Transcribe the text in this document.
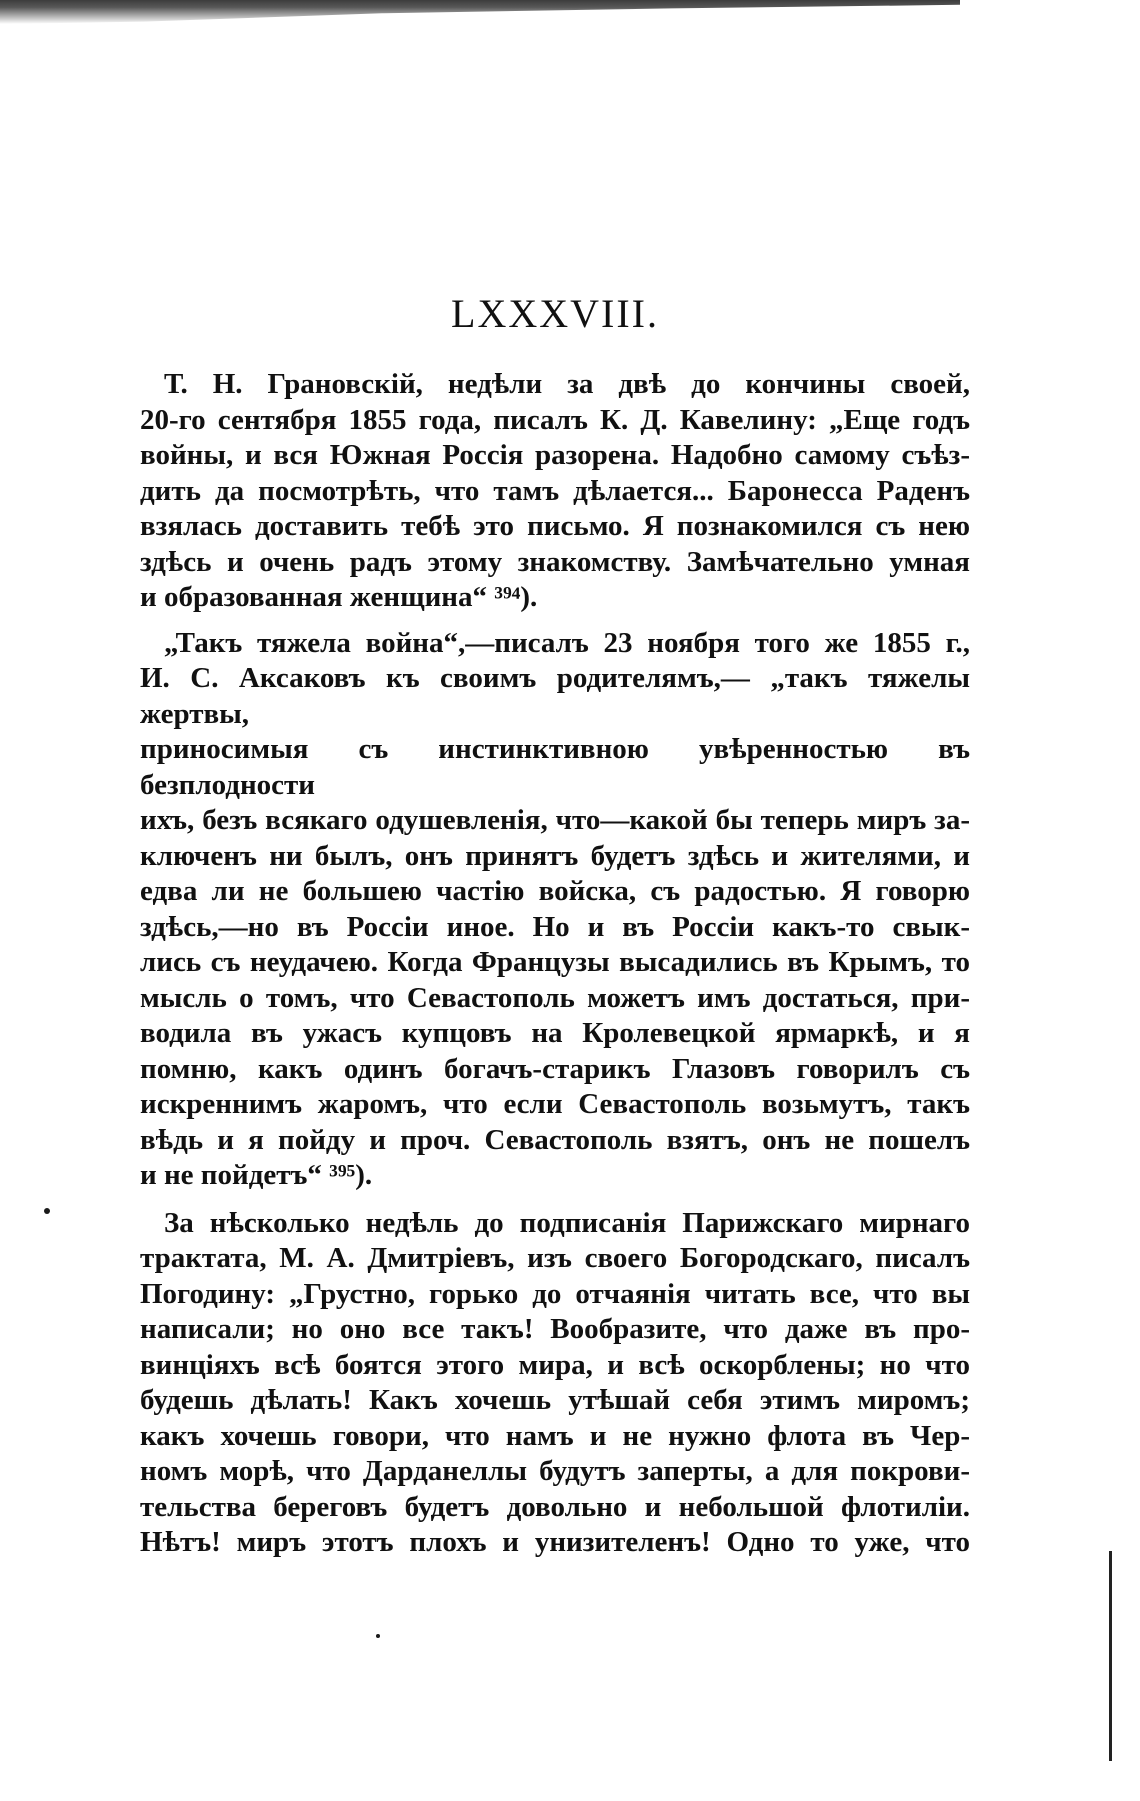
LXXXVIII.
Т. Н. Грановскій, недѣли за двѣ до кончины своей,
20-го сентября 1855 года, писалъ К. Д. Кавелину: „Еще годъ
войны, и вся Южная Россія разорена. Надобно самому съѣз-
дить да посмотрѣть, что тамъ дѣлается... Баронесса Раденъ
взялась доставить тебѣ это письмо. Я познакомился съ нею
здѣсь и очень радъ этому знакомству. Замѣчательно умная
и образованная женщина“ ³⁹⁴).
„Такъ тяжела война“,—писалъ 23 ноября того же 1855 г.,
И. С. Аксаковъ къ своимъ родителямъ,— „такъ тяжелы жертвы,
приносимыя съ инстинктивною увѣренностью въ безплодности
ихъ, безъ всякаго одушевленія, что—какой бы теперь миръ за-
ключенъ ни былъ, онъ принятъ будетъ здѣсь и жителями, и
едва ли не большею частію войска, съ радостью. Я говорю
здѣсь,—но въ Россіи иное. Но и въ Россіи какъ-то свык-
лись съ неудачею. Когда Французы высадились въ Крымъ, то
мысль о томъ, что Севастополь можетъ имъ достаться, при-
водила въ ужасъ купцовъ на Кролевецкой ярмаркѣ, и я
помню, какъ одинъ богачъ-старикъ Глазовъ говорилъ съ
искреннимъ жаромъ, что если Севастополь возьмутъ, такъ
вѣдь и я пойду и проч. Севастополь взятъ, онъ не пошелъ
и не пойдетъ“ ³⁹⁵).
За нѣсколько недѣль до подписанія Парижскаго мирнаго
трактата, М. А. Дмитріевъ, изъ своего Богородскаго, писалъ
Погодину: „Грустно, горько до отчаянія читать все, что вы
написали; но оно все такъ! Вообразите, что даже въ про-
винціяхъ всѣ боятся этого мира, и всѣ оскорблены; но что
будешь дѣлать! Какъ хочешь утѣшай себя этимъ миромъ;
какъ хочешь говори, что намъ и не нужно флота въ Чер-
номъ морѣ, что Дарданеллы будутъ заперты, а для покрови-
тельства береговъ будетъ довольно и небольшой флотиліи.
Нѣтъ! миръ этотъ плохъ и унизителенъ! Одно то уже, что
